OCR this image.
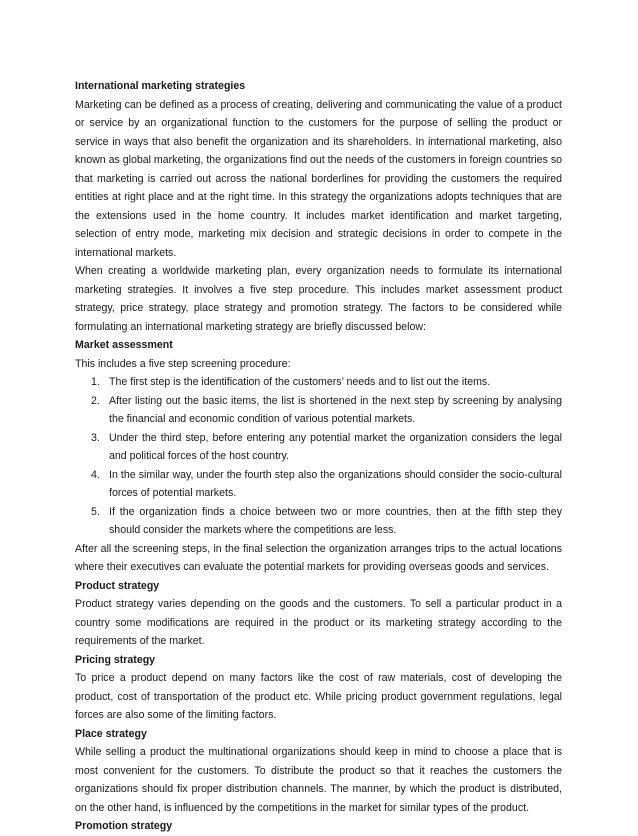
International marketing strategies

Marketing can be defined as a process of creating, delivering and communicating the value of a product or service by an organizational function to the customers for the purpose of selling the product or service in ways that also benefit the organization and its shareholders. In international marketing, also known as global marketing, the organizations find out the needs of the customers in foreign countries so that marketing is carried out across the national borderlines for providing the customers the required entities at right place and at the right time. In this strategy the organizations adopts techniques that are the extensions used in the home country. It includes market identification and market targeting, selection of entry mode, marketing mix decision and strategic decisions in order to compete in the international markets.

When creating a worldwide marketing plan, every organization needs to formulate its international marketing strategies. It involves a five step procedure. This includes market assessment product strategy, price strategy, place strategy and promotion strategy. The factors to be considered while formulating an international marketing strategy are briefly discussed below:

Market assessment

This includes a five step screening procedure:

1. The first step is the identification of the customers’ needs and to list out the items.
2. After listing out the basic items, the list is shortened in the next step by screening by analysing the financial and economic condition of various potential markets.
3. Under the third step, before entering any potential market the organization considers the legal and political forces of the host country.
4. In the similar way, under the fourth step also the organizations should consider the socio-cultural forces of potential markets.
5. If the organization finds a choice between two or more countries, then at the fifth step they should consider the markets where the competitions are less.

After all the screening steps, in the final selection the organization arranges trips to the actual locations where their executives can evaluate the potential markets for providing overseas goods and services.

Product strategy

Product strategy varies depending on the goods and the customers. To sell a particular product in a country some modifications are required in the product or its marketing strategy according to the requirements of the market.

Pricing strategy

To price a product depend on many factors like the cost of raw materials, cost of developing the product, cost of transportation of the product etc. While pricing product government regulations, legal forces are also some of the limiting factors.

Place strategy

While selling a product the multinational organizations should keep in mind to choose a place that is most convenient for the customers. To distribute the product so that it reaches the customers the organizations should fix proper distribution channels. The manner, by which the product is distributed, on the other hand, is influenced by the competitions in the market for similar types of the product.

Promotion strategy
